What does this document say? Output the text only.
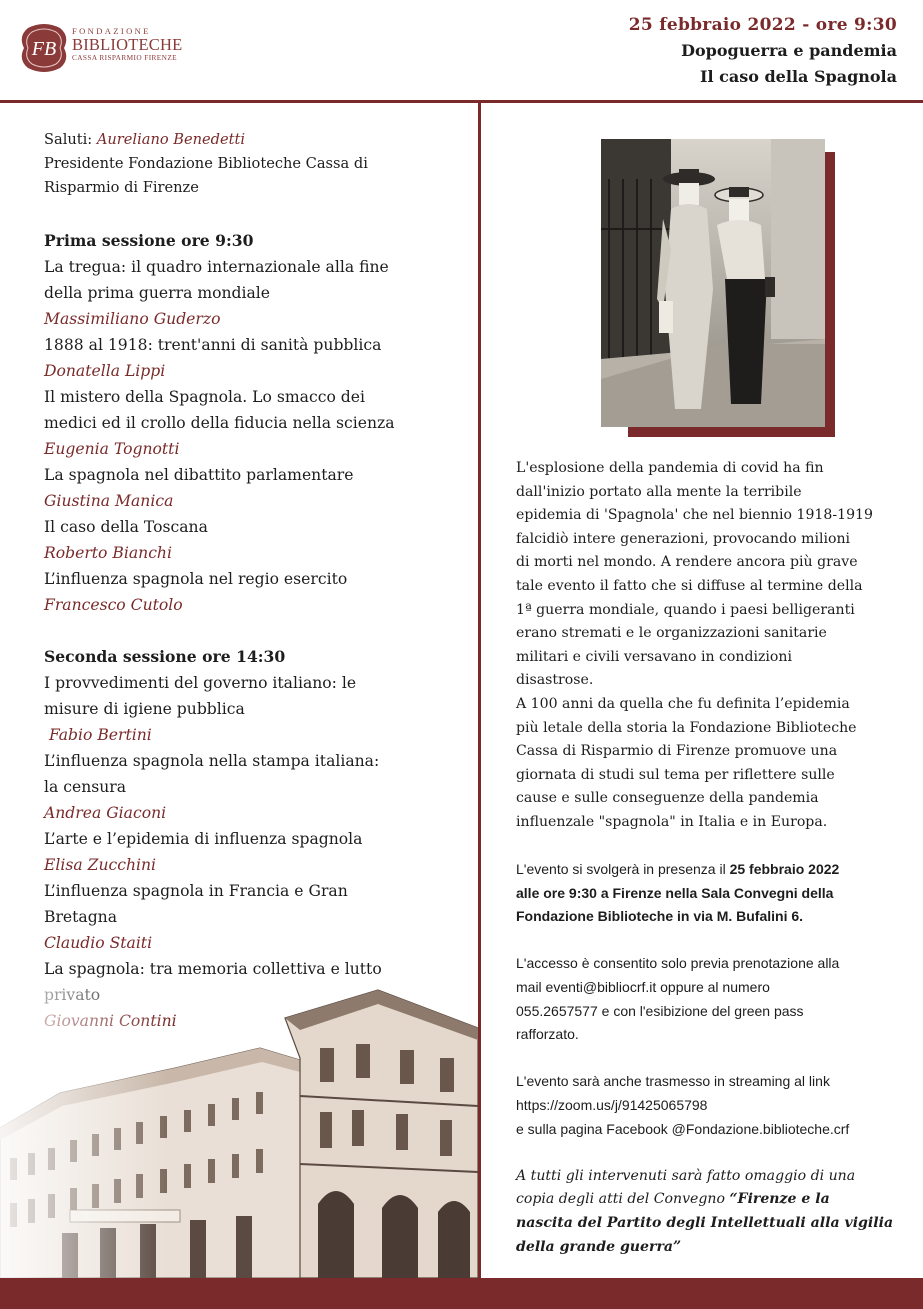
FB
FONDAZIONE
BIBLIOTECHE
CASSA RISPARMIO FIRENZE
25 febbraio 2022 - ore 9:30
Dopoguerra e pandemia
Il caso della Spagnola

Saluti: Aureliano Benedetti

Presidente Fondazione Biblioteche Cassa di

Risparmio di Firenze

Prima sessione ore 9:30

La tregua: il quadro internazionale alla fine

della prima guerra mondiale

Massimiliano Guderzo

1888 al 1918: trent'anni di sanità pubblica

Donatella Lippi

Il mistero della Spagnola. Lo smacco dei

medici ed il crollo della fiducia nella scienza

Eugenia Tognotti

La spagnola nel dibattito parlamentare

Giustina Manica

Il caso della Toscana

Roberto Bianchi

L’influenza spagnola nel regio esercito

Francesco Cutolo

Seconda sessione ore 14:30

I provvedimenti del governo italiano: le

misure di igiene pubblica

Fabio Bertini

L’influenza spagnola nella stampa italiana:

la censura

Andrea Giaconi

L’arte e l’epidemia di influenza spagnola

Elisa Zucchini

L’influenza spagnola in Francia e Gran

Bretagna

Claudio Staiti

La spagnola: tra memoria collettiva e lutto

L'esplosione della pandemia di covid ha fin

dall'inizio portato alla mente la terribile

epidemia di 'Spagnola' che nel biennio 1918-1919

falcidiò intere generazioni, provocando milioni

di morti nel mondo. A rendere ancora più grave

tale evento il fatto che si diffuse al termine della

1ª guerra mondiale, quando i paesi belligeranti

erano stremati e le organizzazioni sanitarie

militari e civili versavano in condizioni

disastrose.

A 100 anni da quella che fu definita l’epidemia

più letale della storia la Fondazione Biblioteche

Cassa di Risparmio di Firenze promuove una

giornata di studi sul tema per riflettere sulle

cause e sulle conseguenze della pandemia

influenzale "spagnola" in Italia e in Europa.

L'evento si svolgerà in presenza il 25 febbraio 2022

alle ore 9:30 a Firenze nella Sala Convegni della

Fondazione Biblioteche in via M. Bufalini 6.

L'accesso è consentito solo previa prenotazione alla

mail eventi@bibliocrf.it oppure al numero

055.2657577 e con l'esibizione del green pass

rafforzato.

L'evento sarà anche trasmesso in streaming al link

https://zoom.us/j/91425065798

e sulla pagina Facebook @Fondazione.biblioteche.crf

A tutti gli intervenuti sarà fatto omaggio di una

copia degli atti del Convegno “Firenze e la

nascita del Partito degli Intellettuali alla vigilia

della grande guerra”
